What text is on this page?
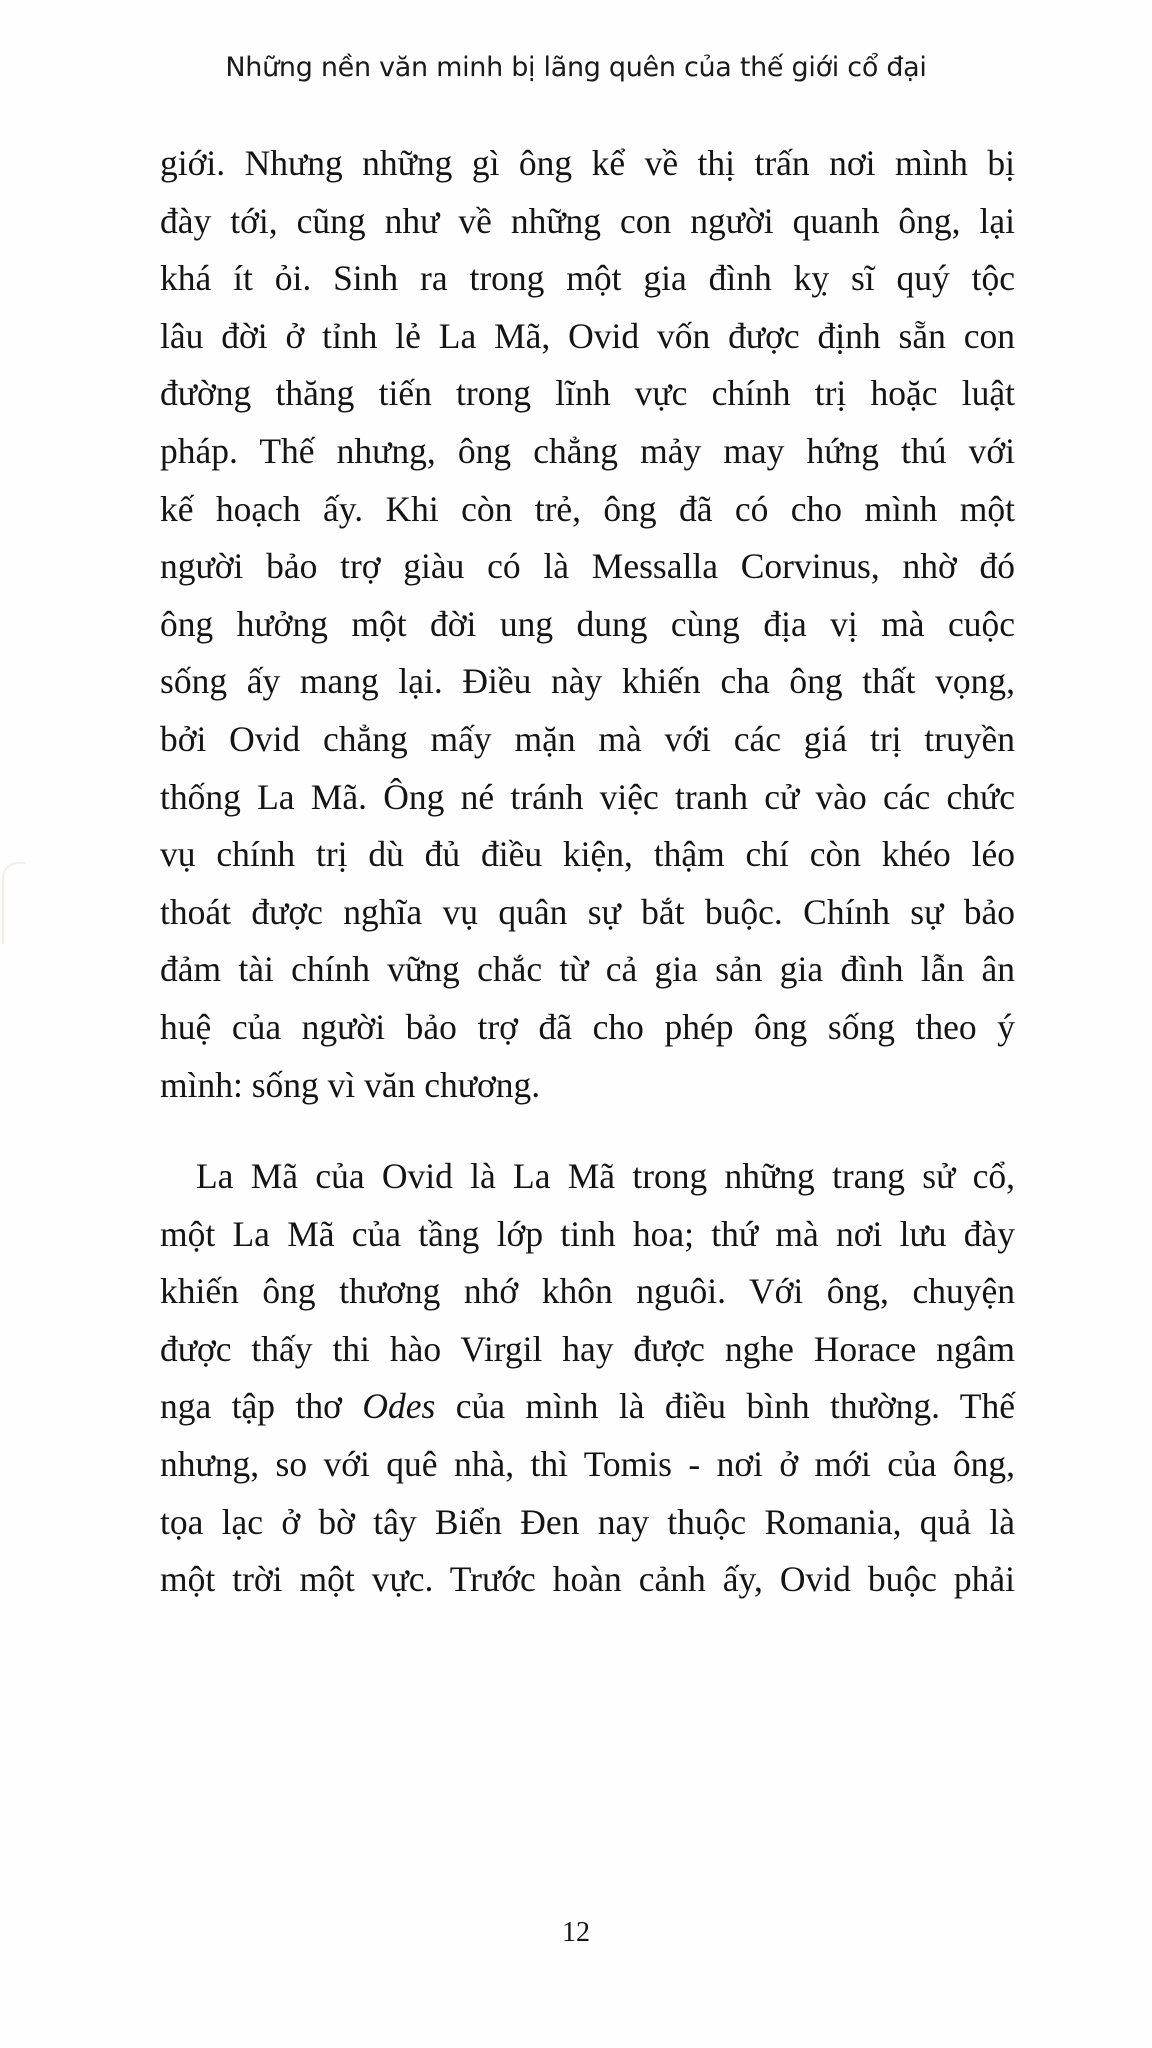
Những nền văn minh bị lãng quên của thế giới cổ đại
giới. Nhưng những gì ông kể về thị trấn nơi mình bị
đày tới, cũng như về những con người quanh ông, lại
khá ít ỏi. Sinh ra trong một gia đình kỵ sĩ quý tộc
lâu đời ở tỉnh lẻ La Mã, Ovid vốn được định sẵn con
đường thăng tiến trong lĩnh vực chính trị hoặc luật
pháp. Thế nhưng, ông chẳng mảy may hứng thú với
kế hoạch ấy. Khi còn trẻ, ông đã có cho mình một
người bảo trợ giàu có là Messalla Corvinus, nhờ đó
ông hưởng một đời ung dung cùng địa vị mà cuộc
sống ấy mang lại. Điều này khiến cha ông thất vọng,
bởi Ovid chẳng mấy mặn mà với các giá trị truyền
thống La Mã. Ông né tránh việc tranh cử vào các chức
vụ chính trị dù đủ điều kiện, thậm chí còn khéo léo
thoát được nghĩa vụ quân sự bắt buộc. Chính sự bảo
đảm tài chính vững chắc từ cả gia sản gia đình lẫn ân
huệ của người bảo trợ đã cho phép ông sống theo ý
mình: sống vì văn chương.
La Mã của Ovid là La Mã trong những trang sử cổ,
một La Mã của tầng lớp tinh hoa; thứ mà nơi lưu đày
khiến ông thương nhớ khôn nguôi. Với ông, chuyện
được thấy thi hào Virgil hay được nghe Horace ngâm
nga tập thơ Odes của mình là điều bình thường. Thế
nhưng, so với quê nhà, thì Tomis - nơi ở mới của ông,
tọa lạc ở bờ tây Biển Đen nay thuộc Romania, quả là
một trời một vực. Trước hoàn cảnh ấy, Ovid buộc phải
12
